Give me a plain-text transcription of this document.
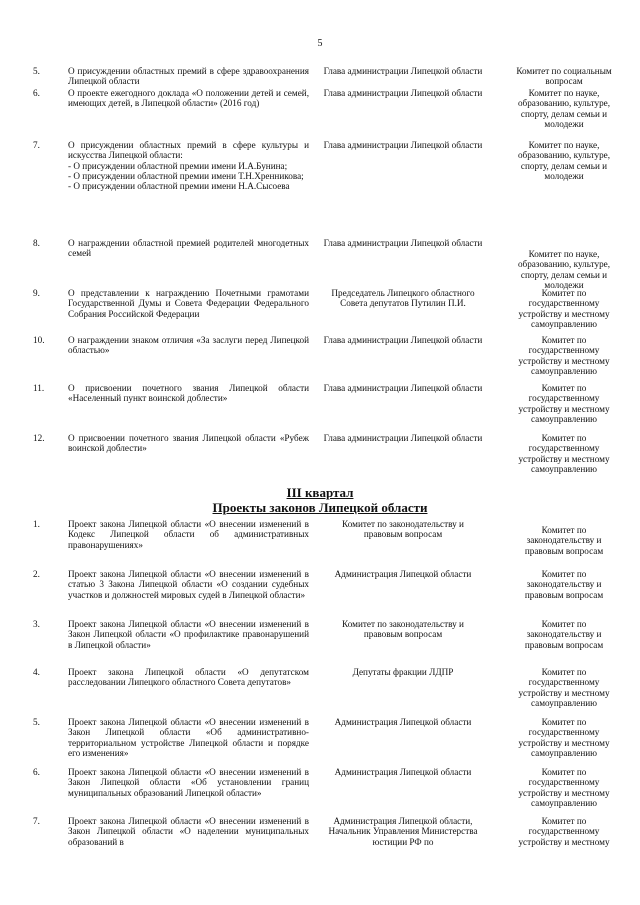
5
5.	О присуждении областных премий в сфере здравоохранения Липецкой области
Глава администрации Липецкой области	Комитет по социальным вопросам
6.	О проекте ежегодного доклада «О положении детей и семей, имеющих детей, в Липецкой области» (2016 год)
Глава администрации Липецкой области	Комитет по науке, образованию, культуре, спорту, делам семьи и молодежи
7.	О присуждении областных премий в сфере культуры и искусства Липецкой области:
- О присуждении областной премии имени И.А.Бунина;
- О присуждении областной премии имени Т.Н.Хренникова;
- О присуждении областной премии имени Н.А.Сысоева
Глава администрации Липецкой области	Комитет по науке, образованию, культуре, спорту, делам семьи и молодежи
8.	О награждении областной премией родителей многодетных семей
Глава администрации Липецкой области
Комитет по науке, образованию, культуре, спорту, делам семьи и молодежи
9.	О представлении к награждению Почетными грамотами Государственной Думы и Совета Федерации Федерального Собрания Российской Федерации
Председатель Липецкого областного Совета депутатов Путилин П.И.
Комитет по государственному устройству и местному самоуправлению
10.	О награждении знаком отличия «За заслуги перед Липецкой областью»
Глава администрации Липецкой области	Комитет по государственному устройству и местному самоуправлению
11.	О присвоении почетного звания Липецкой области «Населенный пункт воинской доблести»
Глава администрации Липецкой области	Комитет по государственному устройству и местному самоуправлению
12.	О присвоении почетного звания Липецкой области «Рубеж воинской доблести»
Глава администрации Липецкой области	Комитет по государственному устройству и местному самоуправлению
III квартал
Проекты законов Липецкой области
1.	Проект закона Липецкой области «О внесении изменений в Кодекс Липецкой области об административных правонарушениях»
Комитет по законодательству и правовым вопросам	Комитет по законодательству и правовым вопросам
2.	Проект закона Липецкой области «О внесении изменений в статью 3 Закона Липецкой области «О создании судебных участков и должностей мировых судей в Липецкой области»
Администрация Липецкой области	Комитет по законодательству и правовым вопросам
3.	Проект закона Липецкой области «О внесении изменений в Закон Липецкой области «О профилактике правонарушений в Липецкой области»
Комитет по законодательству и правовым вопросам
Комитет по законодательству и правовым вопросам
4.	Проект закона Липецкой области «О депутатском расследовании Липецкого областного Совета депутатов»
Депутаты фракции ЛДПР	Комитет по государственному устройству и местному самоуправлению
5.	Проект закона Липецкой области «О внесении изменений в Закон Липецкой области «Об административно-территориальном устройстве Липецкой области и порядке его изменения»
Администрация Липецкой области	Комитет по государственному устройству и местному самоуправлению
6.	Проект закона Липецкой области «О внесении изменений в Закон Липецкой области «Об установлении границ муниципальных образований Липецкой области»
Администрация Липецкой области	Комитет по государственному устройству и местному самоуправлению
7.	Проект закона Липецкой области «О внесении изменений в Закон Липецкой области «О наделении муниципальных образований в
Администрация Липецкой области, Начальник Управления Министерства юстиции РФ по
Комитет по государственному устройству и местному
